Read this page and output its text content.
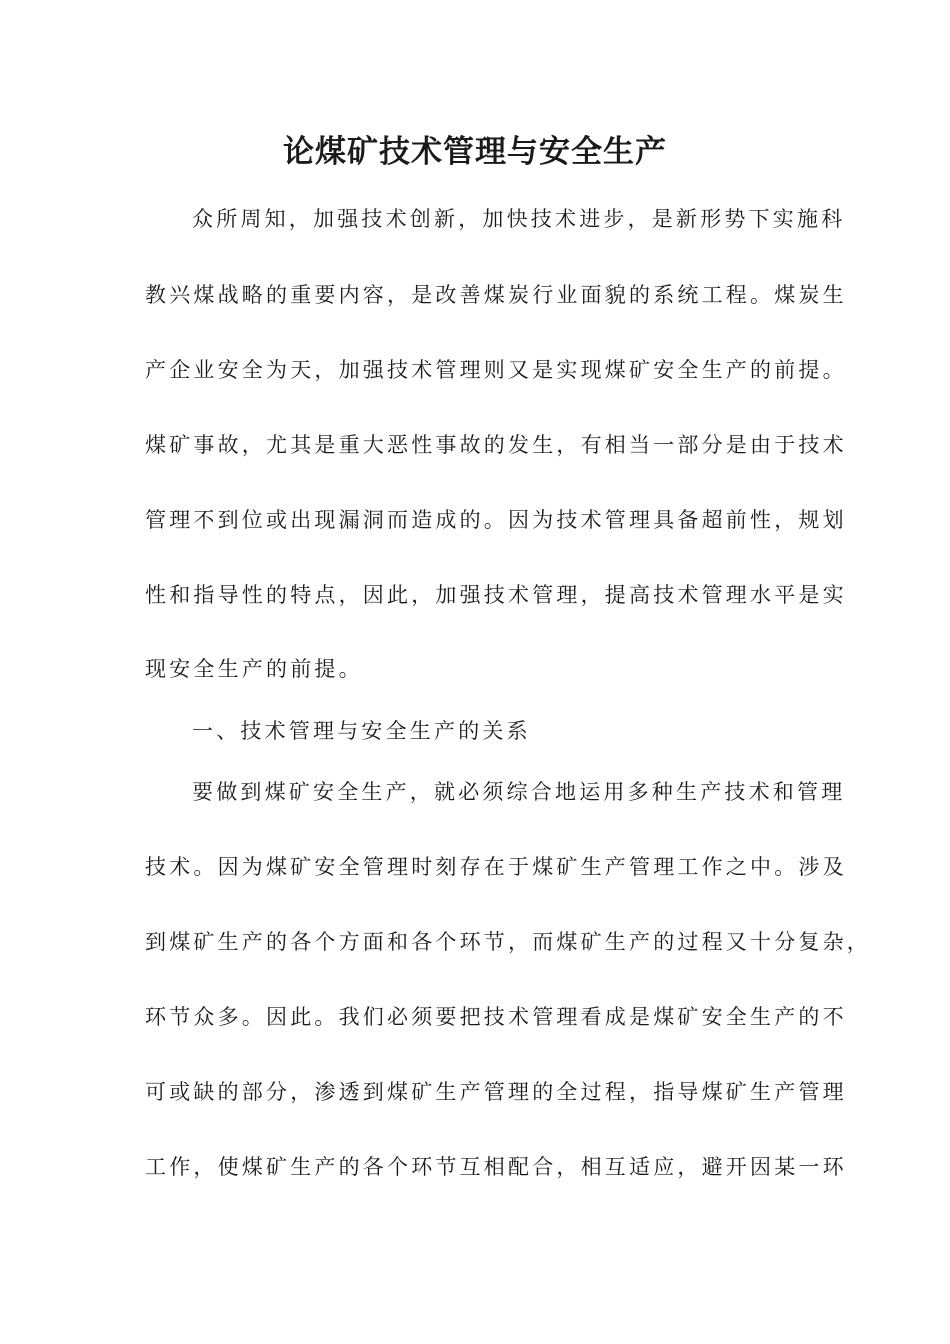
论煤矿技术管理与安全生产

众所周知，加强技术创新，加快技术进步，是新形势下实施科

教兴煤战略的重要内容，是改善煤炭行业面貌的系统工程。煤炭生

产企业安全为天，加强技术管理则又是实现煤矿安全生产的前提。

煤矿事故，尤其是重大恶性事故的发生，有相当一部分是由于技术

管理不到位或出现漏洞而造成的。因为技术管理具备超前性，规划

性和指导性的特点，因此，加强技术管理，提高技术管理水平是实

现安全生产的前提。

一、技术管理与安全生产的关系

要做到煤矿安全生产，就必须综合地运用多种生产技术和管理

技术。因为煤矿安全管理时刻存在于煤矿生产管理工作之中。涉及

到煤矿生产的各个方面和各个环节，而煤矿生产的过程又十分复杂，

环节众多。因此。我们必须要把技术管理看成是煤矿安全生产的不

可或缺的部分，渗透到煤矿生产管理的全过程，指导煤矿生产管理

工作，使煤矿生产的各个环节互相配合，相互适应，避开因某一环
